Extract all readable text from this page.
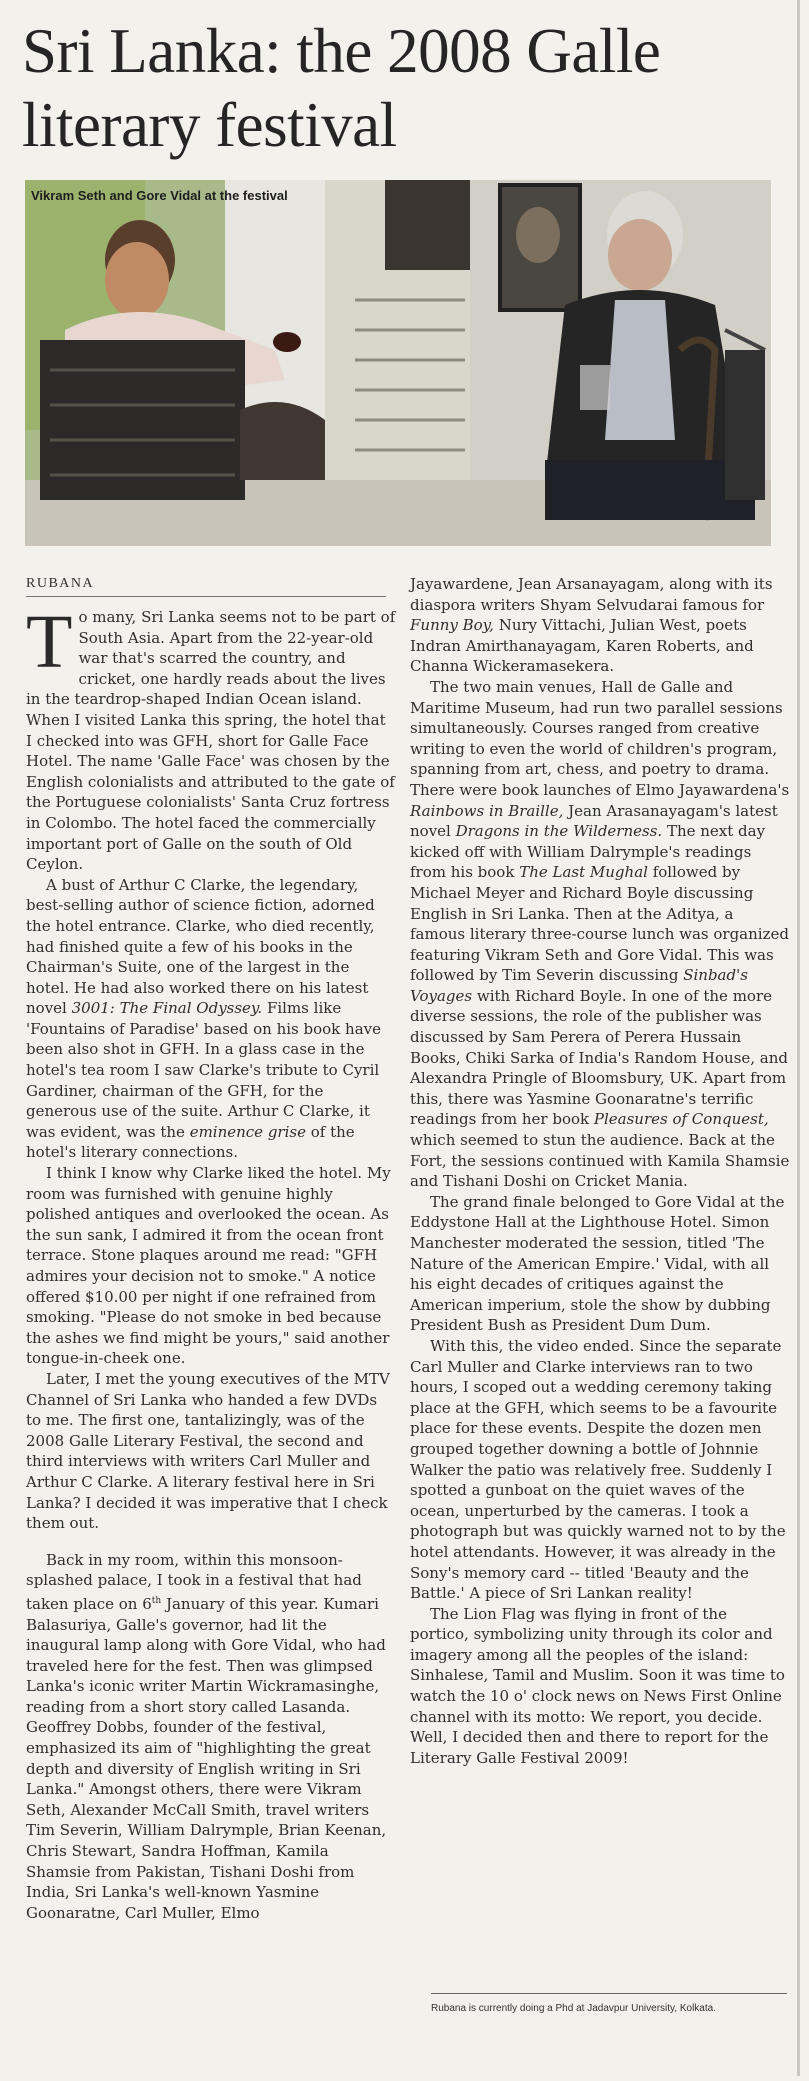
Sri Lanka: the 2008 Galle literary festival
Vikram Seth and Gore Vidal at the festival
RUBANA

To many, Sri Lanka seems not to be part of South Asia. Apart from the 22-year-old war that's scarred the country, and cricket, one hardly reads about the lives in the teardrop-shaped Indian Ocean island. When I visited Lanka this spring, the hotel that I checked into was GFH, short for Galle Face Hotel. The name 'Galle Face' was chosen by the English colonialists and attributed to the gate of the Portuguese colonialists' Santa Cruz fortress in Colombo. The hotel faced the commercially important port of Galle on the south of Old Ceylon.

A bust of Arthur C Clarke, the legendary, best-selling author of science fiction, adorned the hotel entrance. Clarke, who died recently, had finished quite a few of his books in the Chairman's Suite, one of the largest in the hotel. He had also worked there on his latest novel 3001: The Final Odyssey. Films like 'Fountains of Paradise' based on his book have been also shot in GFH. In a glass case in the hotel's tea room I saw Clarke's tribute to Cyril Gardiner, chairman of the GFH, for the generous use of the suite. Arthur C Clarke, it was evident, was the eminence grise of the hotel's literary connections.

I think I know why Clarke liked the hotel. My room was furnished with genuine highly polished antiques and overlooked the ocean. As the sun sank, I admired it from the ocean front terrace. Stone plaques around me read: "GFH admires your decision not to smoke." A notice offered $10.00 per night if one refrained from smoking. "Please do not smoke in bed because the ashes we find might be yours," said another tongue-in-cheek one.

Later, I met the young executives of the MTV Channel of Sri Lanka who handed a few DVDs to me. The first one, tantalizingly, was of the 2008 Galle Literary Festival, the second and third interviews with writers Carl Muller and Arthur C Clarke. A literary festival here in Sri Lanka? I decided it was imperative that I check them out.

Back in my room, within this monsoon-splashed palace, I took in a festival that had taken place on 6th January of this year. Kumari Balasuriya, Galle's governor, had lit the inaugural lamp along with Gore Vidal, who had traveled here for the fest. Then was glimpsed Lanka's iconic writer Martin Wickramasinghe, reading from a short story called Lasanda. Geoffrey Dobbs, founder of the festival, emphasized its aim of "highlighting the great depth and diversity of English writing in Sri Lanka." Amongst others, there were Vikram Seth, Alexander McCall Smith, travel writers Tim Severin, William Dalrymple, Brian Keenan, Chris Stewart, Sandra Hoffman, Kamila Shamsie from Pakistan, Tishani Doshi from India, Sri Lanka's well-known Yasmine Goonaratne, Carl Muller, Elmo

Jayawardene, Jean Arsanayagam, along with its diaspora writers Shyam Selvudarai famous for Funny Boy, Nury Vittachi, Julian West, poets Indran Amirthanayagam, Karen Roberts, and Channa Wickeramasekera.

The two main venues, Hall de Galle and Maritime Museum, had run two parallel sessions simultaneously. Courses ranged from creative writing to even the world of children's program, spanning from art, chess, and poetry to drama. There were book launches of Elmo Jayawardena's Rainbows in Braille, Jean Arasanayagam's latest novel Dragons in the Wilderness. The next day kicked off with William Dalrymple's readings from his book The Last Mughal followed by Michael Meyer and Richard Boyle discussing English in Sri Lanka. Then at the Aditya, a famous literary three-course lunch was organized featuring Vikram Seth and Gore Vidal. This was followed by Tim Severin discussing Sinbad's Voyages with Richard Boyle. In one of the more diverse sessions, the role of the publisher was discussed by Sam Perera of Perera Hussain Books, Chiki Sarka of India's Random House, and Alexandra Pringle of Bloomsbury, UK. Apart from this, there was Yasmine Goonaratne's terrific readings from her book Pleasures of Conquest, which seemed to stun the audience. Back at the Fort, the sessions continued with Kamila Shamsie and Tishani Doshi on Cricket Mania.

The grand finale belonged to Gore Vidal at the Eddystone Hall at the Lighthouse Hotel. Simon Manchester moderated the session, titled 'The Nature of the American Empire.' Vidal, with all his eight decades of critiques against the American imperium, stole the show by dubbing President Bush as President Dum Dum.

With this, the video ended. Since the separate Carl Muller and Clarke interviews ran to two hours, I scoped out a wedding ceremony taking place at the GFH, which seems to be a favourite place for these events. Despite the dozen men grouped together downing a bottle of Johnnie Walker the patio was relatively free. Suddenly I spotted a gunboat on the quiet waves of the ocean, unperturbed by the cameras. I took a photograph but was quickly warned not to by the hotel attendants. However, it was already in the Sony's memory card -- titled 'Beauty and the Battle.' A piece of Sri Lankan reality!

The Lion Flag was flying in front of the portico, symbolizing unity through its color and imagery among all the peoples of the island: Sinhalese, Tamil and Muslim. Soon it was time to watch the 10 o' clock news on News First Online channel with its motto: We report, you decide. Well, I decided then and there to report for the Literary Galle Festival 2009!

Rubana is currently doing a Phd at Jadavpur University, Kolkata.
